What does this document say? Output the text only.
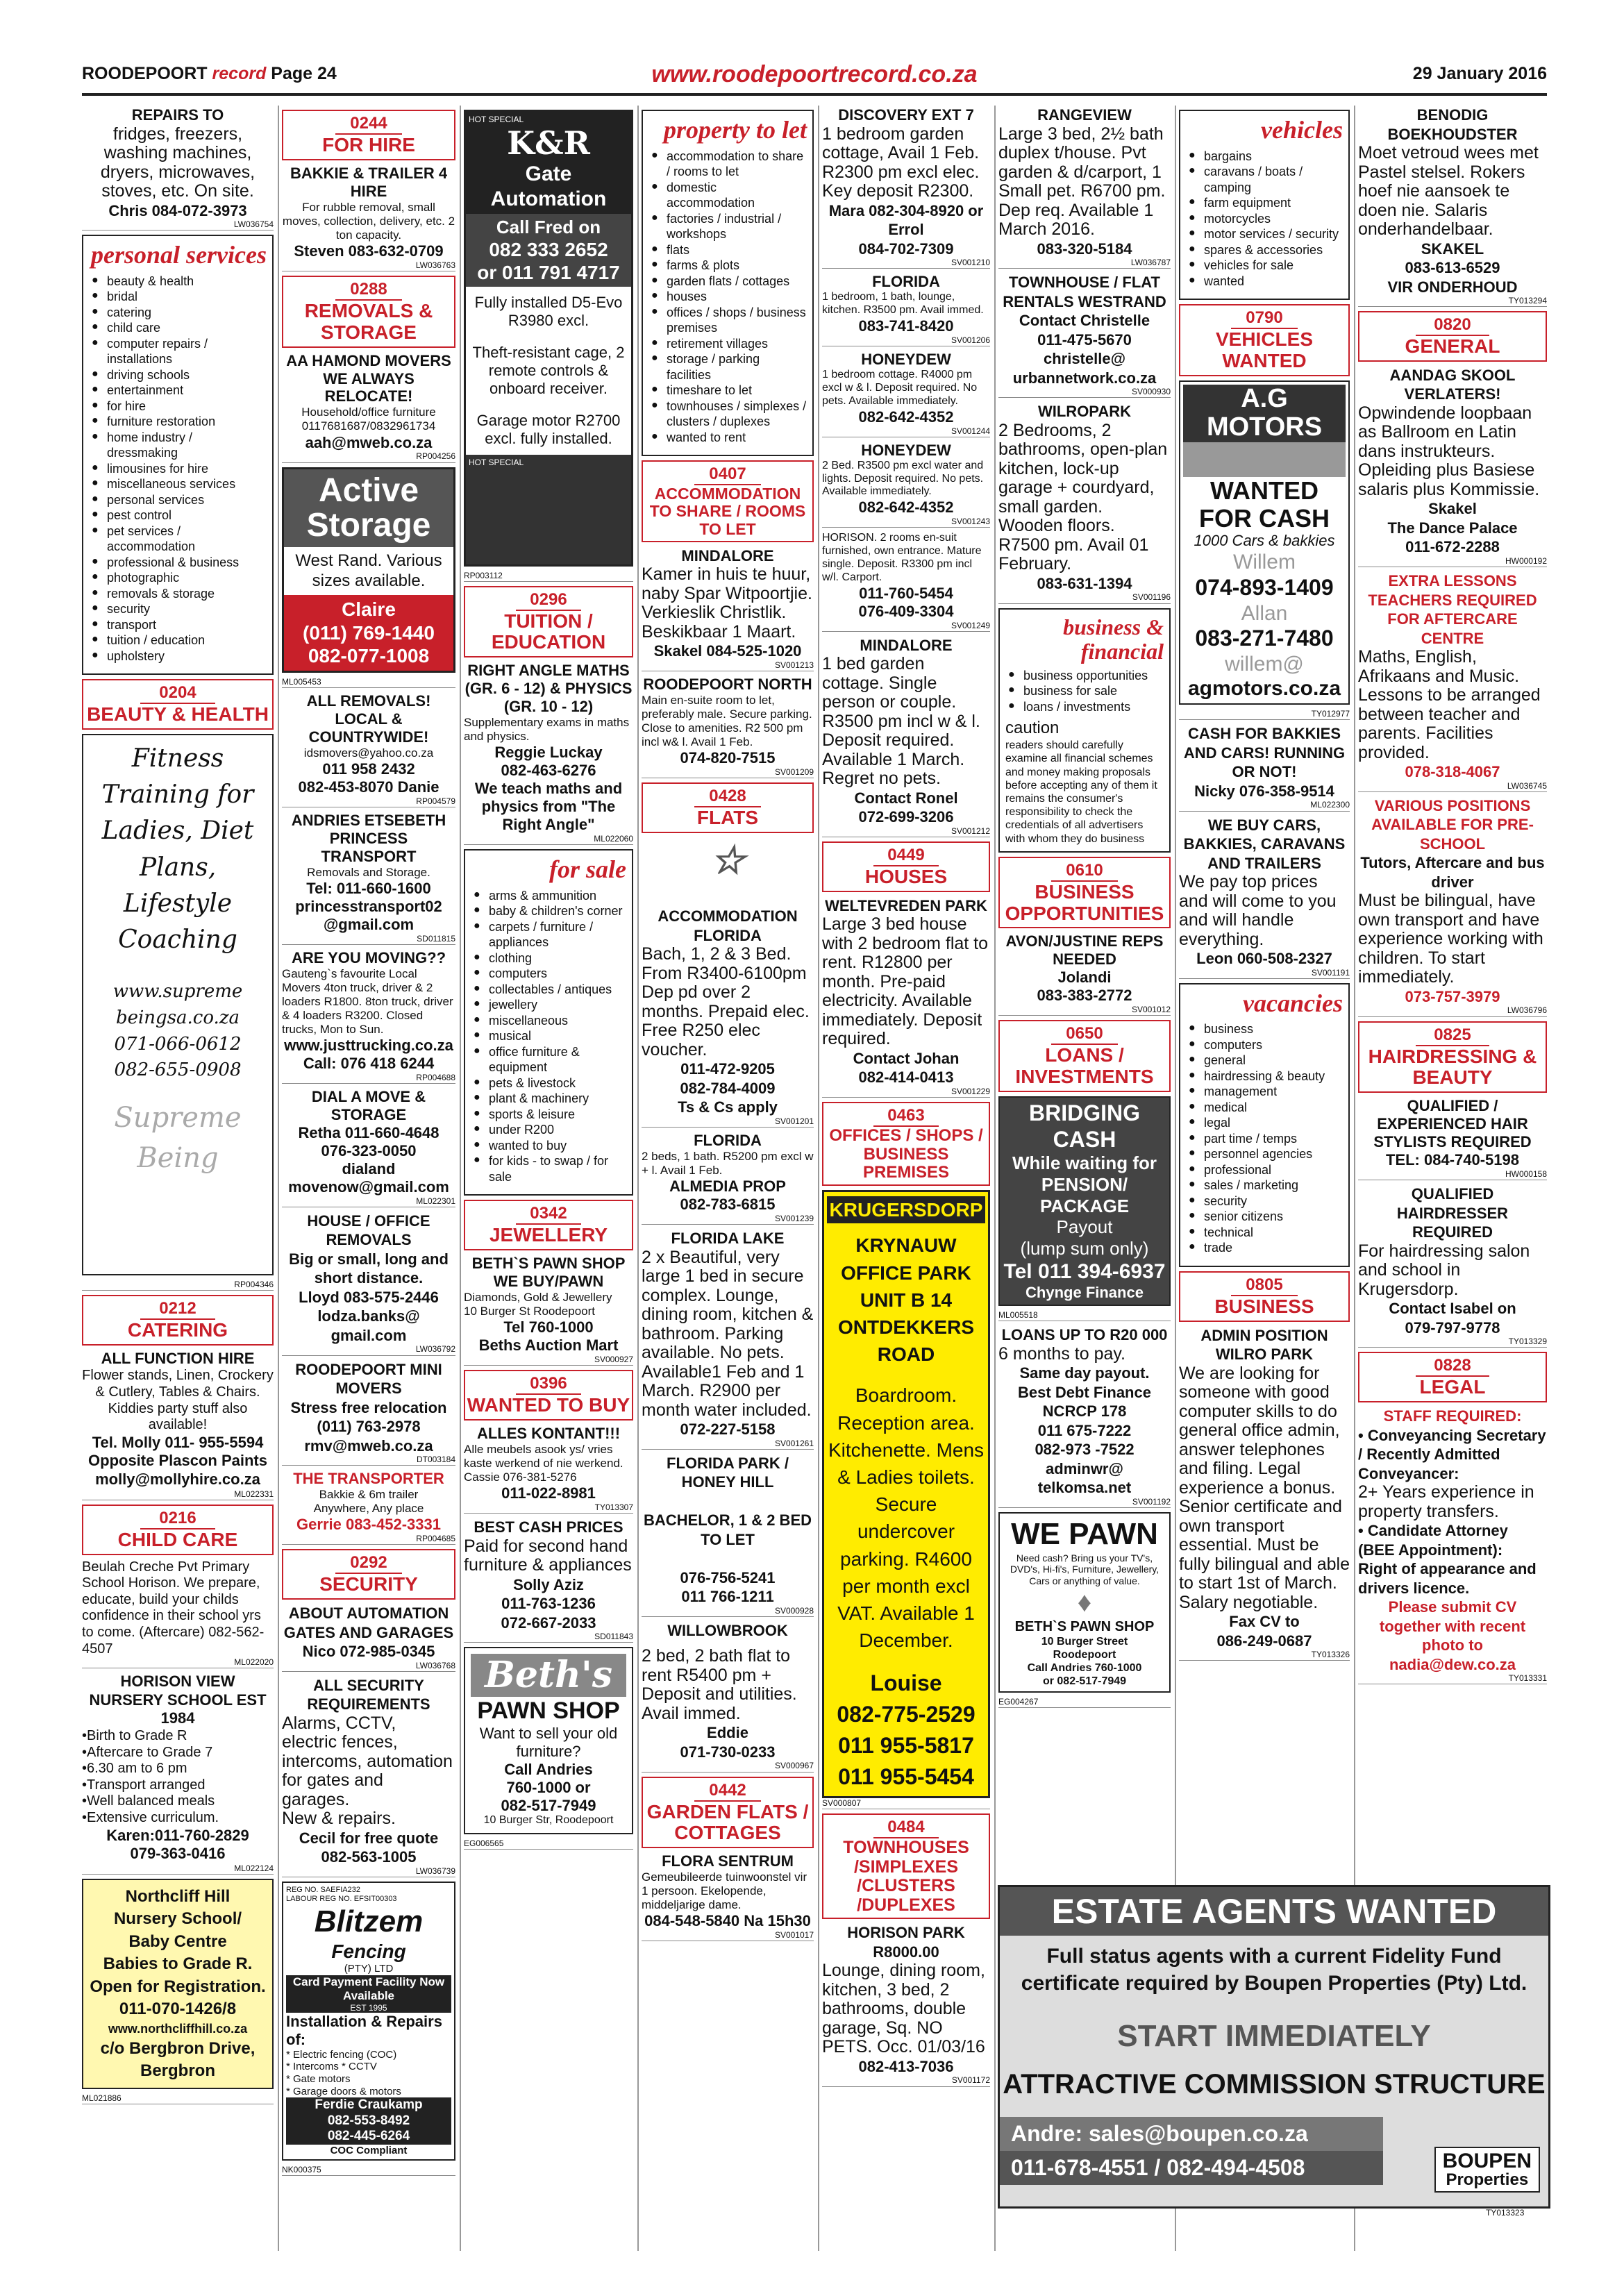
ROODEPOORT record Page 24	www.roodepoortrecord.co.za	29 January 2016
REPAIRS TO
fridges, freezers, washing machines, dryers, microwaves, stoves, etc. On site.
Chris 084-072-3973
LW036754
personal services
● beauty & health
● bridal
● catering
● child care
● computer repairs / installations
● driving schools
● entertainment
● for hire
● furniture restoration
● home industry / dressmaking
● limousines for hire
● miscellaneous services
● personal services
● pest control
● pet services / accommodation
● professional & business
● photographic
● removals & storage
● security
● transport
● tuition / education
● upholstery
0204
BEAUTY & HEALTH
Fitness
Training for
Ladies, Diet
Plans,
Lifestyle
Coaching
www.supreme
beingsa.co.za
071-066-0612
082-655-0908
Supreme Being
RP004346
0212
CATERING
ALL FUNCTION HIRE
Flower stands, Linen, Crockery & Cutlery, Tables & Chairs. Kiddies party stuff also available!
Tel. Molly 011- 955-5594
Opposite Plascon Paints
molly@mollyhire.co.za
ML022331
0216
CHILD CARE
Beulah Creche Pvt Primary School Horison. We prepare, educate, build your childs confidence in their school yrs to come. (Aftercare) 082-562-4507
ML022020
HORISON VIEW NURSERY SCHOOL EST 1984
•Birth to Grade R
•Aftercare to Grade 7
•6.30 am to 6 pm
•Transport arranged
•Well balanced meals
•Extensive curriculum.
Karen:011-760-2829
079-363-0416
ML022124
Northcliff Hill
Nursery School/
Baby Centre
Babies to Grade R.
Open for Registration.
011-070-1426/8
www.northcliffhill.co.za
c/o Bergbron Drive,
Bergbron
ML021886
0244
FOR HIRE
BAKKIE & TRAILER 4 HIRE
For rubble removal, small moves, collection, delivery, etc. 2 ton capacity.
Steven 083-632-0709
LW036763
0288
REMOVALS & STORAGE
AA HAMOND MOVERS
WE ALWAYS RELOCATE!
Household/office furniture
0117681687/0832961734
aah@mweb.co.za
RP004256
Active
Storage
West Rand. Various sizes available.
Claire
(011) 769-1440
082-077-1008
ML005453
ALL REMOVALS! LOCAL & COUNTRYWIDE!
idsmovers@yahoo.co.za
011 958 2432
082-453-8070 Danie
RP004579
ANDRIES ETSEBETH PRINCESS TRANSPORT
Removals and Storage.
Tel: 011-660-1600
princesstransport02 @gmail.com
SD011815
ARE YOU MOVING??
Gauteng`s favourite Local Movers 4ton truck, driver & 2 loaders R1800. 8ton truck, driver & 4 loaders R3200. Closed trucks, Mon to Sun.
www.justtrucking.co.za
Call: 076 418 6244
RP004688
DIAL A MOVE & STORAGE
Retha 011-660-4648
076-323-0050
dialand
movenow@gmail.com
ML022301
HOUSE / OFFICE REMOVALS
Big or small, long and short distance.
Lloyd 083-575-2446
lodza.banks@ gmail.com
LW036792
ROODEPOORT MINI MOVERS
Stress free relocation
(011) 763-2978
rmv@mweb.co.za
DT003184
THE TRANSPORTER
Bakkie & 6m trailer
Anywhere, Any place
Gerrie 083-452-3331
RP004685
0292
SECURITY
ABOUT AUTOMATION GATES AND GARAGES
Nico 072-985-0345
LW036768
ALL SECURITY REQUIREMENTS
Alarms, CCTV, electric fences, intercoms, automation for gates and garages.
New & repairs.
Cecil for free quote
082-563-1005
LW036739
REG NO. SAEFIA232
LABOUR REG NO. EFSIT00303
Blitzem
Fencing
(PTY) LTD
Card Payment Facility Now Available
EST 1995
Installation & Repairs of:
* Electric fencing (COC)
* Intercoms * CCTV
* Gate motors
* Garage doors & motors
Ferdie Craukamp
082-553-8492
082-445-6264
COC Compliant
NK000375
HOT SPECIAL
K&R
Gate Automation
Call Fred on
082 333 2652
or 011 791 4717
Fully installed D5-Evo R3980 excl.
Theft-resistant cage, 2 remote controls & onboard receiver.
Garage motor R2700 excl. fully installed.
HOT SPECIAL
RP003112
0296
TUITION / EDUCATION
RIGHT ANGLE MATHS (GR. 6 - 12) & PHYSICS (GR. 10 - 12)
Supplementary exams in maths and physics.
Reggie Luckay
082-463-6276
We teach maths and physics from "The Right Angle"
ML022060
for sale
● arms & ammunition
● baby & children's corner
● carpets / furniture / appliances
● clothing
● computers
● collectables / antiques
● jewellery
● miscellaneous
● musical
● office furniture & equipment
● pets & livestock
● plant & machinery
● sports & leisure
● under R200
● wanted to buy
● for kids - to swap / for sale
0342
JEWELLERY
BETH`S PAWN SHOP WE BUY/PAWN
Diamonds, Gold & Jewellery
10 Burger St Roodepoort
Tel 760-1000
Beths Auction Mart
SV000927
0396
WANTED TO BUY
ALLES KONTANT!!!
Alle meubels asook ys/ vries kaste werkend of nie werkend.
Cassie 076-381-5276
011-022-8981
TY013307
BEST CASH PRICES
Paid for second hand furniture & appliances
Solly Aziz
011-763-1236
072-667-2033
SD011843
Beth's
PAWN SHOP
Want to sell your old furniture?
Call Andries
760-1000 or
082-517-7949
10 Burger Str, Roodepoort
EG006565
property to let
● accommodation to share / rooms to let
● domestic accommodation
● factories / industrial / workshops
● flats
● farms & plots
● garden flats / cottages
● houses
● offices / shops / business premises
● retirement villages
● storage / parking facilities
● timeshare to let
● townhouses / simplexes / clusters / duplexes
● wanted to rent
0407
ACCOMMODATION TO SHARE / ROOMS TO LET
MINDALORE
Kamer in huis te huur, naby Spar Witpoortjie. Verkieslik Christlik. Beskikbaar 1 Maart.
Skakel 084-525-1020
SV001213
ROODEPOORT NORTH
Main en-suite room to let, preferably male. Secure parking. Close to amenities. R2 500 pm incl w& l. Avail 1 Feb.
074-820-7515
SV001209
0428
FLATS
☆
ACCOMMODATION FLORIDA
Bach, 1, 2 & 3 Bed. From R3400-6100pm Dep pd over 2 months. Prepaid elec. Free R250 elec voucher.
011-472-9205
082-784-4009
Ts & Cs apply
SV001201
FLORIDA
2 beds, 1 bath. R5200 pm excl w + l. Avail 1 Feb.
ALMEDIA PROP
082-783-6815
SV001239
FLORIDA LAKE
2 x Beautiful, very large 1 bed in secure complex. Lounge, dining room, kitchen & bathroom. Parking available. No pets. Available1 Feb and 1 March. R2900 per month water included.
072-227-5158
SV001261
FLORIDA PARK / HONEY HILL

BACHELOR, 1 & 2 BED TO LET

076-756-5241
011 766-1211
SV000928
WILLOWBROOK
2 bed, 2 bath flat to rent R5400 pm + Deposit and utilities. Avail immed.
Eddie
071-730-0233
SV000967
0442
GARDEN FLATS / COTTAGES
FLORA SENTRUM
Gemeubileerde tuinwoonstel vir 1 persoon. Ekelopende, middeljarige dame.
084-548-5840 Na 15h30
SV001017
DISCOVERY EXT 7
1 bedroom garden cottage, Avail 1 Feb. R2300 pm excl elec. Key deposit R2300.
Mara 082-304-8920 or Errol
084-702-7309
SV001210
FLORIDA
1 bedroom, 1 bath, lounge, kitchen. R3500 pm. Avail immed.
083-741-8420
SV001206
HONEYDEW
1 bedroom cottage. R4000 pm excl w & l. Deposit required. No pets. Available immediately.
082-642-4352
SV001244
HONEYDEW
2 Bed. R3500 pm excl water and lights. Deposit required. No pets. Available immediately.
082-642-4352
SV001243
HORISON. 2 rooms en-suit furnished, own entrance. Mature single. Deposit. R3300 pm incl w/l. Carport.
011-760-5454
076-409-3304
SV001249
MINDALORE
1 bed garden cottage. Single person or couple. R3500 pm incl w & l. Deposit required. Available 1 March. Regret no pets.
Contact Ronel
072-699-3206
SV001212
0449
HOUSES
WELTEVREDEN PARK
Large 3 bed house with 2 bedroom flat to rent. R12800 per month. Pre-paid electricity. Available immediately. Deposit required.
Contact Johan
082-414-0413
SV001229
0463
OFFICES / SHOPS / BUSINESS PREMISES
KRUGERSDORP
KRYNAUW OFFICE PARK UNIT B 14 ONTDEKKERS ROAD
Boardroom. Reception area. Kitchenette. Mens & Ladies toilets. Secure undercover parking. R4600 per month excl VAT. Available 1 December.
Louise
082-775-2529
011 955-5817
011 955-5454
SV000807
0484
TOWNHOUSES /SIMPLEXES /CLUSTERS /DUPLEXES
HORISON PARK
R8000.00
Lounge, dining room, kitchen, 3 bed, 2 bathrooms, double garage, Sq. NO PETS. Occ. 01/03/16
082-413-7036
SV001172
RANGEVIEW
Large 3 bed, 2½ bath duplex t/house. Pvt garden & d/carport, 1 Small pet. R6700 pm. Dep req. Available 1 March 2016.
083-320-5184
LW036787
TOWNHOUSE / FLAT RENTALS WESTRAND
Contact Christelle
011-475-5670
christelle@ urbannetwork.co.za
SV000930
WILROPARK
2 Bedrooms, 2 bathrooms, open-plan kitchen, lock-up garage + courdyard, small garden. Wooden floors. R7500 pm. Avail 01 February.
083-631-1394
SV001196
business & financial
● business opportunities
● business for sale
● loans / investments
caution
readers should carefully examine all financial schemes and money making proposals before accepting any of them it remains the consumer's responsibility to check the credentials of all advertisers with whom they do business
0610
BUSINESS OPPORTUNITIES
AVON/JUSTINE REPS NEEDED
Jolandi
083-383-2772
SV001012
0650
LOANS / INVESTMENTS
BRIDGING CASH
While waiting for PENSION/ PACKAGE
Payout
(lump sum only)
Tel 011 394-6937
Chynge Finance
ML005518
LOANS UP TO R20 000
6 months to pay.
Same day payout.
Best Debt Finance
NCRCP 178
011 675-7222
082-973 -7522
adminwr@ telkomsa.net
SV001192
WE PAWN
Need cash? Bring us your TV's, DVD's, Hi-fi's, Furniture, Jewellery, Cars or anything of value.
♦
BETH`S PAWN SHOP
10 Burger Street
Roodepoort
Call Andries 760-1000
or 082-517-7949
EG004267
vehicles
● bargains
● caravans / boats / camping
● farm equipment
● motorcycles
● motor services / security
● spares & accessories
● vehicles for sale
● wanted
0790
VEHICLES WANTED
A.G
MOTORS
WANTED
FOR CASH
1000 Cars & bakkies
Willem
074-893-1409
Allan
083-271-7480
willem@
agmotors.co.za
TY012977
CASH FOR BAKKIES AND CARS! RUNNING OR NOT!
Nicky 076-358-9514
ML022300
WE BUY CARS, BAKKIES, CARAVANS AND TRAILERS
We pay top prices and will come to you and will handle everything.
Leon 060-508-2327
SV001191
vacancies
● business
● computers
● general
● hairdressing & beauty
● management
● medical
● legal
● part time / temps
● personnel agencies
● professional
● sales / marketing
● security
● senior citizens
● technical
● trade
0805
BUSINESS
ADMIN POSITION WILRO PARK
We are looking for someone with good computer skills to do general office admin, answer telephones and filing. Legal experience a bonus. Senior certificate and own transport essential. Must be fully bilingual and able to start 1st of March. Salary negotiable.
Fax CV to
086-249-0687
TY013326
BENODIG BOEKHOUDSTER
Moet vetroud wees met Pastel stelsel. Rokers hoef nie aansoek te doen nie. Salaris onderhandelbaar.
SKAKEL
083-613-6529
VIR ONDERHOUD
TY013294
0820
GENERAL
AANDAG SKOOL VERLATERS!
Opwindende loopbaan as Ballroom en Latin dans instrukteurs. Opleiding plus Basiese salaris plus Kommissie.
Skakel
The Dance Palace
011-672-2288
HW000192
EXTRA LESSONS TEACHERS REQUIRED FOR AFTERCARE CENTRE
Maths, English, Afrikaans and Music. Lessons to be arranged between teacher and parents. Facilities provided.
078-318-4067
LW036745
VARIOUS POSITIONS AVAILABLE FOR PRE-SCHOOL
Tutors, Aftercare and bus driver
Must be bilingual, have own transport and have experience working with children. To start immediately.
073-757-3979
LW036796
0825
HAIRDRESSING & BEAUTY
QUALIFIED / EXPERIENCED HAIR STYLISTS REQUIRED
TEL: 084-740-5198
HW000158
QUALIFIED HAIRDRESSER REQUIRED
For hairdressing salon and school in Krugersdorp.
Contact Isabel on
079-797-9778
TY013329
0828
LEGAL
STAFF REQUIRED:
• Conveyancing Secretary / Recently Admitted Conveyancer:
2+ Years experience in property transfers.
• Candidate Attorney (BEE Appointment):
Right of appearance and drivers licence.
Please submit CV together with recent photo to
nadia@dew.co.za
TY013331
ESTATE AGENTS WANTED
Full status agents with a current Fidelity Fund certificate required by Boupen Properties (Pty) Ltd.
START IMMEDIATELY
ATTRACTIVE COMMISSION STRUCTURE
Andre: sales@boupen.co.za
011-678-4551 / 082-494-4508	BOUPEN
Properties
TY013323
